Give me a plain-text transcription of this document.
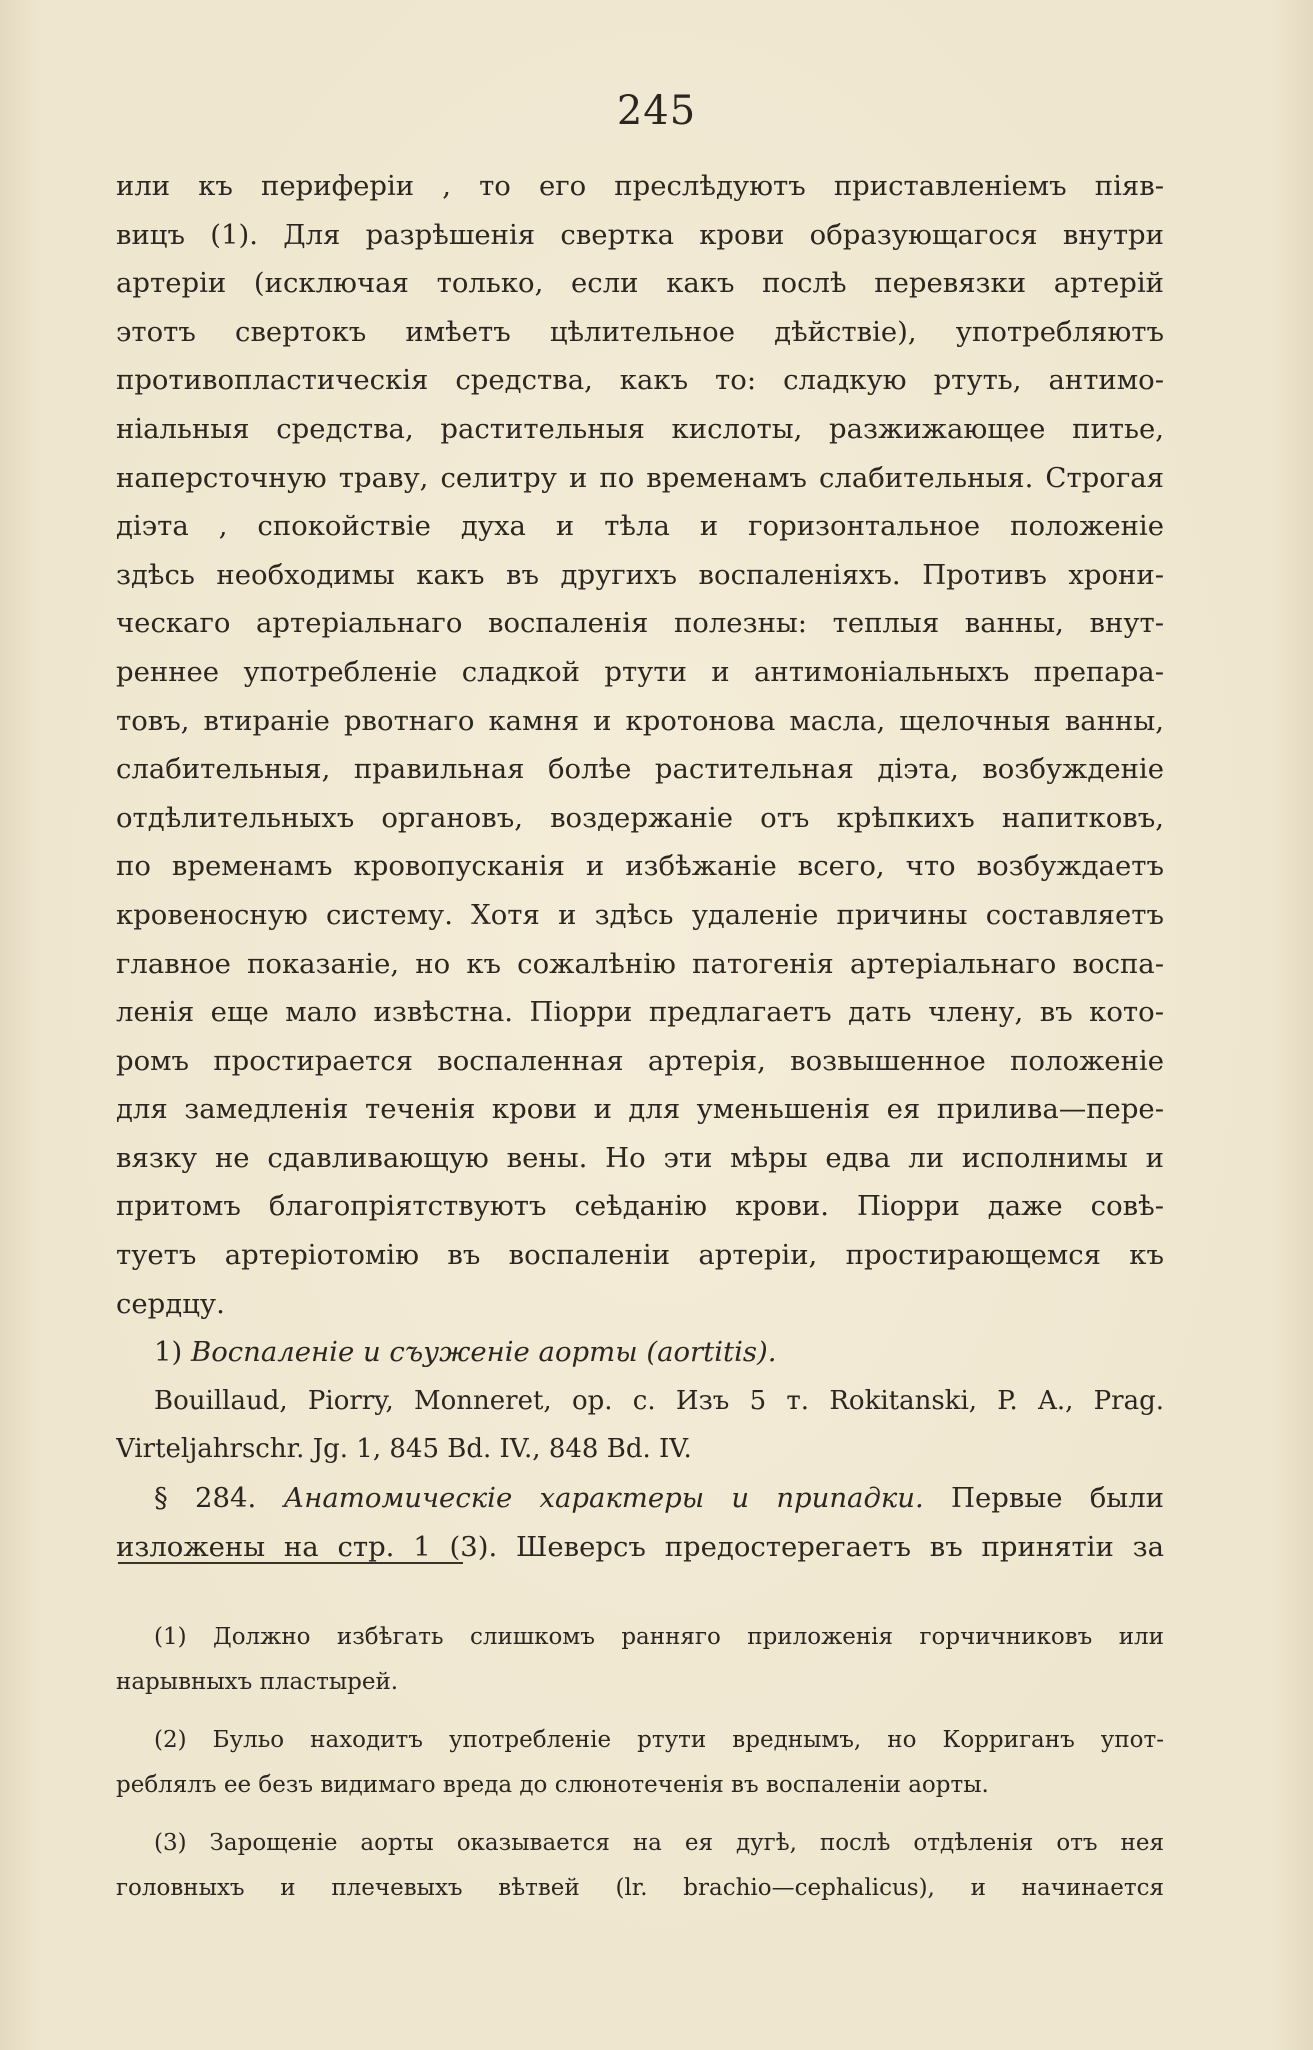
245
или къ периферіи , то его преслѣдуютъ приставленіемъ піяв-
вицъ (1). Для разрѣшенія свертка крови образующагося внутри
артеріи (исключая только, если какъ послѣ перевязки артерій
этотъ свертокъ имѣетъ цѣлительное дѣйствіе), употребляютъ
противопластическія средства, какъ то: сладкую ртуть, антимо-
ніальныя средства, растительныя кислоты, разжижающее питье,
наперсточную траву, селитру и по временамъ слабительныя. Строгая
діэта , спокойствіе духа и тѣла и горизонтальное положеніе
здѣсь необходимы какъ въ другихъ воспаленіяхъ. Противъ хрони-
ческаго артеріальнаго воспаленія полезны: теплыя ванны, внут-
реннее употребленіе сладкой ртути и антимоніальныхъ препара-
товъ, втираніе рвотнаго камня и кротонова масла, щелочныя ванны,
слабительныя, правильная болѣе растительная діэта, возбужденіе
отдѣлительныхъ органовъ, воздержаніе отъ крѣпкихъ напитковъ,
по временамъ кровопусканія и избѣжаніе всего, что возбуждаетъ
кровеносную систему. Хотя и здѣсь удаленіе причины составляетъ
главное показаніе, но къ сожалѣнію патогенія артеріальнаго воспа-
ленія еще мало извѣстна. Піорри предлагаетъ дать члену, въ кото-
ромъ простирается воспаленная артерія, возвышенное положеніе
для замедленія теченія крови и для уменьшенія ея прилива—пере-
вязку не сдавливающую вены. Но эти мѣры едва ли исполнимы и
притомъ благопріятствуютъ сеѣданію крови. Піорри даже совѣ-
туетъ артеріотомію въ воспаленіи артеріи, простирающемся къ
сердцу.
1) Воспаленіе и съуженіе аорты (aortitis).
Bouillaud, Piorry, Monneret, op. c. Изъ 5 т. Rokitanski, P. A., Prag.
Virteljahrschr. Jg. 1, 845 Bd. IV., 848 Bd. IV.
§ 284. Анатомическіе характеры и припадки. Первые были
изложены на стр. 1 (3). Шеверсъ предостерегаетъ въ принятіи за
(1) Должно избѣгать слишкомъ ранняго приложенія горчичниковъ или
нарывныхъ пластырей.
(2) Бульо находитъ употребленіе ртути вреднымъ, но Корриганъ упот-
реблялъ ее безъ видимаго вреда до слюнотеченія въ воспаленіи аорты.
(3) Зарощеніе аорты оказывается на ея дугѣ, послѣ отдѣленія отъ нея
головныхъ и плечевыхъ вѣтвей (lr. brachio—cephalicus), и начинается
